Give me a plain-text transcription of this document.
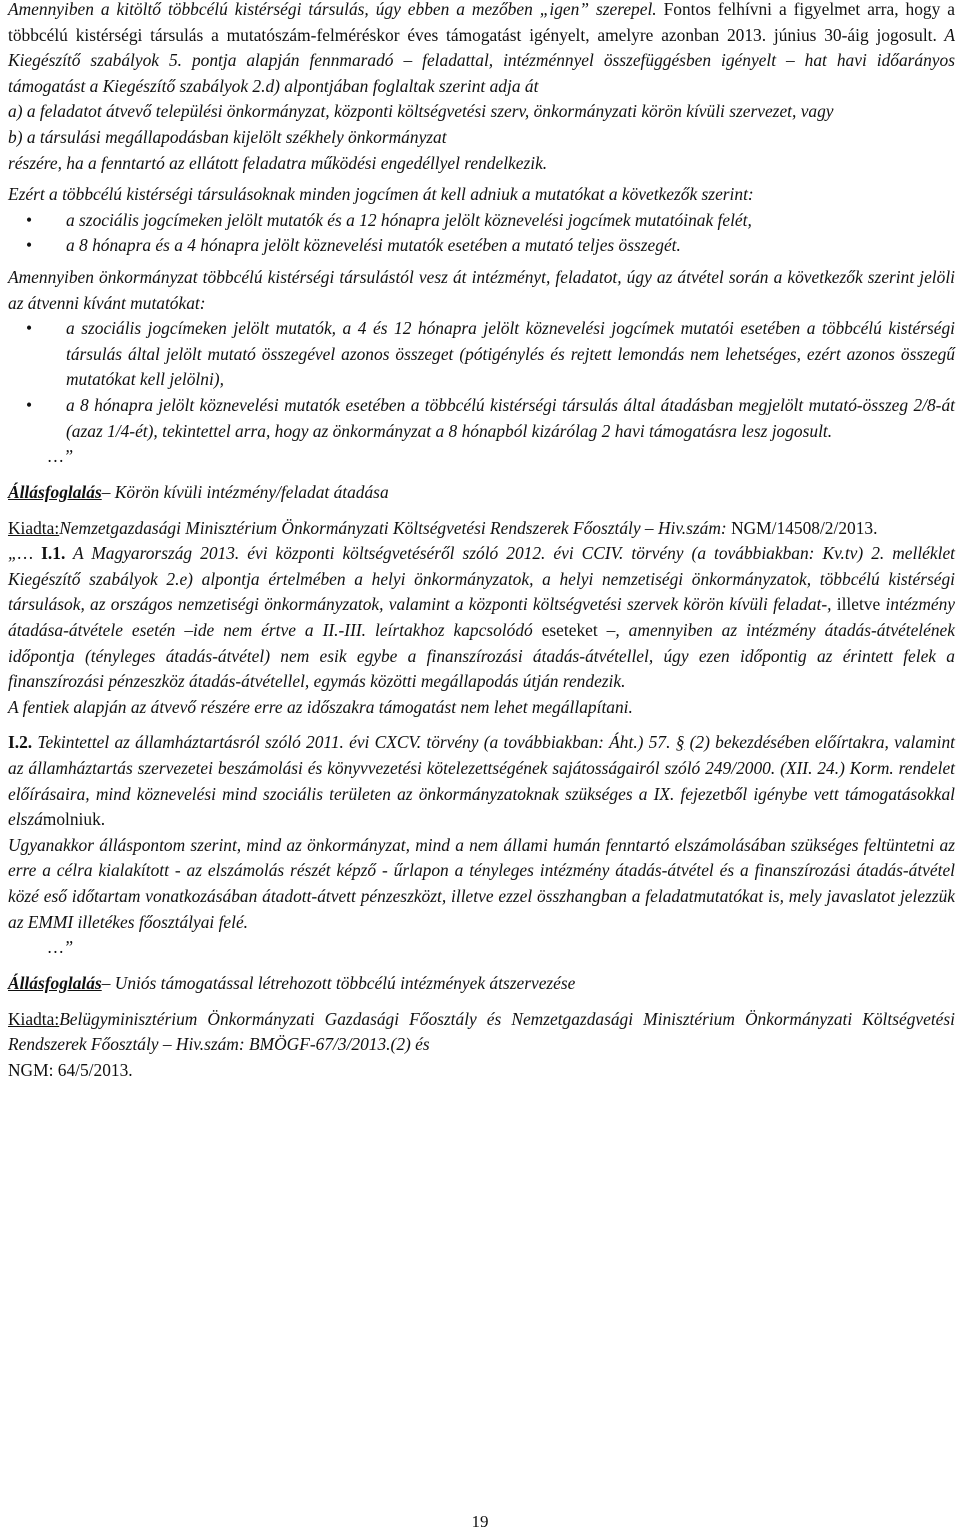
Amennyiben a kitöltő többcélú kistérségi társulás, úgy ebben a mezőben „igen” szerepel. Fontos felhívni a figyelmet arra, hogy a többcélú kistérségi társulás a mutatószám-felméréskor éves támogatást igényelt, amelyre azonban 2013. június 30-áig jogosult. A Kiegészítő szabályok 5. pontja alapján fennmaradó – feladattal, intézménnyel összefüggésben igényelt – hat havi időarányos támogatást a Kiegészítő szabályok 2.d) alpontjában foglaltak szerint adja át

a) a feladatot átvevő települési önkormányzat, központi költségvetési szerv, önkormányzati körön kívüli szervezet, vagy

b) a társulási megállapodásban kijelölt székhely önkormányzat

részére, ha a fenntartó az ellátott feladatra működési engedéllyel rendelkezik.

Ezért a többcélú kistérségi társulásoknak minden jogcímen át kell adniuk a mutatókat a következők szerint:

• a szociális jogcímeken jelölt mutatók és a 12 hónapra jelölt köznevelési jogcímek mutatóinak felét,
• a 8 hónapra és a 4 hónapra jelölt köznevelési mutatók esetében a mutató teljes összegét.

Amennyiben önkormányzat többcélú kistérségi társulástól vesz át intézményt, feladatot, úgy az átvétel során a következők szerint jelöli az átvenni kívánt mutatókat:

• a szociális jogcímeken jelölt mutatók, a 4 és 12 hónapra jelölt köznevelési jogcímek mutatói esetében a többcélú kistérségi társulás által jelölt mutató összegével azonos összeget (pótigénylés és rejtett lemondás nem lehetséges, ezért azonos összegű mutatókat kell jelölni),
• a 8 hónapra jelölt köznevelési mutatók esetében a többcélú kistérségi társulás által átadásban megjelölt mutató-összeg 2/8-át (azaz 1/4-ét), tekintettel arra, hogy az önkormányzat a 8 hónapból kizárólag 2 havi támogatásra lesz jogosult.
…”

Állásfoglalás– Körön kívüli intézmény/feladat átadása

Kiadta:Nemzetgazdasági Minisztérium Önkormányzati Költségvetési Rendszerek Főosztály – Hiv.szám: NGM/14508/2/2013.

„… I.1. A Magyarország 2013. évi központi költségvetéséről szóló 2012. évi CCIV. törvény (a továbbiakban: Kv.tv) 2. melléklet Kiegészítő szabályok 2.e) alpontja értelmében a helyi önkormányzatok, a helyi nemzetiségi önkormányzatok, többcélú kistérségi társulások, az országos nemzetiségi önkormányzatok, valamint a központi költségvetési szervek körön kívüli feladat-, illetve intézmény átadása-átvétele esetén –ide nem értve a II.-III. leírtakhoz kapcsolódó eseteket –, amennyiben az intézmény átadás-átvételének időpontja (tényleges átadás-átvétel) nem esik egybe a finanszírozási átadás-átvétellel, úgy ezen időpontig az érintett felek a finanszírozási pénzeszköz átadás-átvétellel, egymás közötti megállapodás útján rendezik.

A fentiek alapján az átvevő részére erre az időszakra támogatást nem lehet megállapítani.

I.2. Tekintettel az államháztartásról szóló 2011. évi CXCV. törvény (a továbbiakban: Áht.) 57. § (2) bekezdésében előírtakra, valamint az államháztartás szervezetei beszámolási és könyvvezetési kötelezettségének sajátosságairól szóló 249/2000. (XII. 24.) Korm. rendelet előírásaira, mind köznevelési mind szociális területen az önkormányzatoknak szükséges a IX. fejezetből igénybe vett támogatásokkal elszámolniuk.

Ugyanakkor álláspontom szerint, mind az önkormányzat, mind a nem állami humán fenntartó elszámolásában szükséges feltüntetni az erre a célra kialakított - az elszámolás részét képző - űrlapon a tényleges intézmény átadás-átvétel és a finanszírozási átadás-átvétel közé eső időtartam vonatkozásában átadott-átvett pénzeszközt, illetve ezzel összhangban a feladatmutatókat is, mely javaslatot jelezzük az EMMI illetékes főosztályai felé.

…”

Állásfoglalás– Uniós támogatással létrehozott többcélú intézmények átszervezése

Kiadta:Belügyminisztérium Önkormányzati Gazdasági Főosztály és Nemzetgazdasági Minisztérium Önkormányzati Költségvetési Rendszerek Főosztály – Hiv.szám: BMÖGF-67/3/2013.(2) és

NGM: 64/5/2013.

19
